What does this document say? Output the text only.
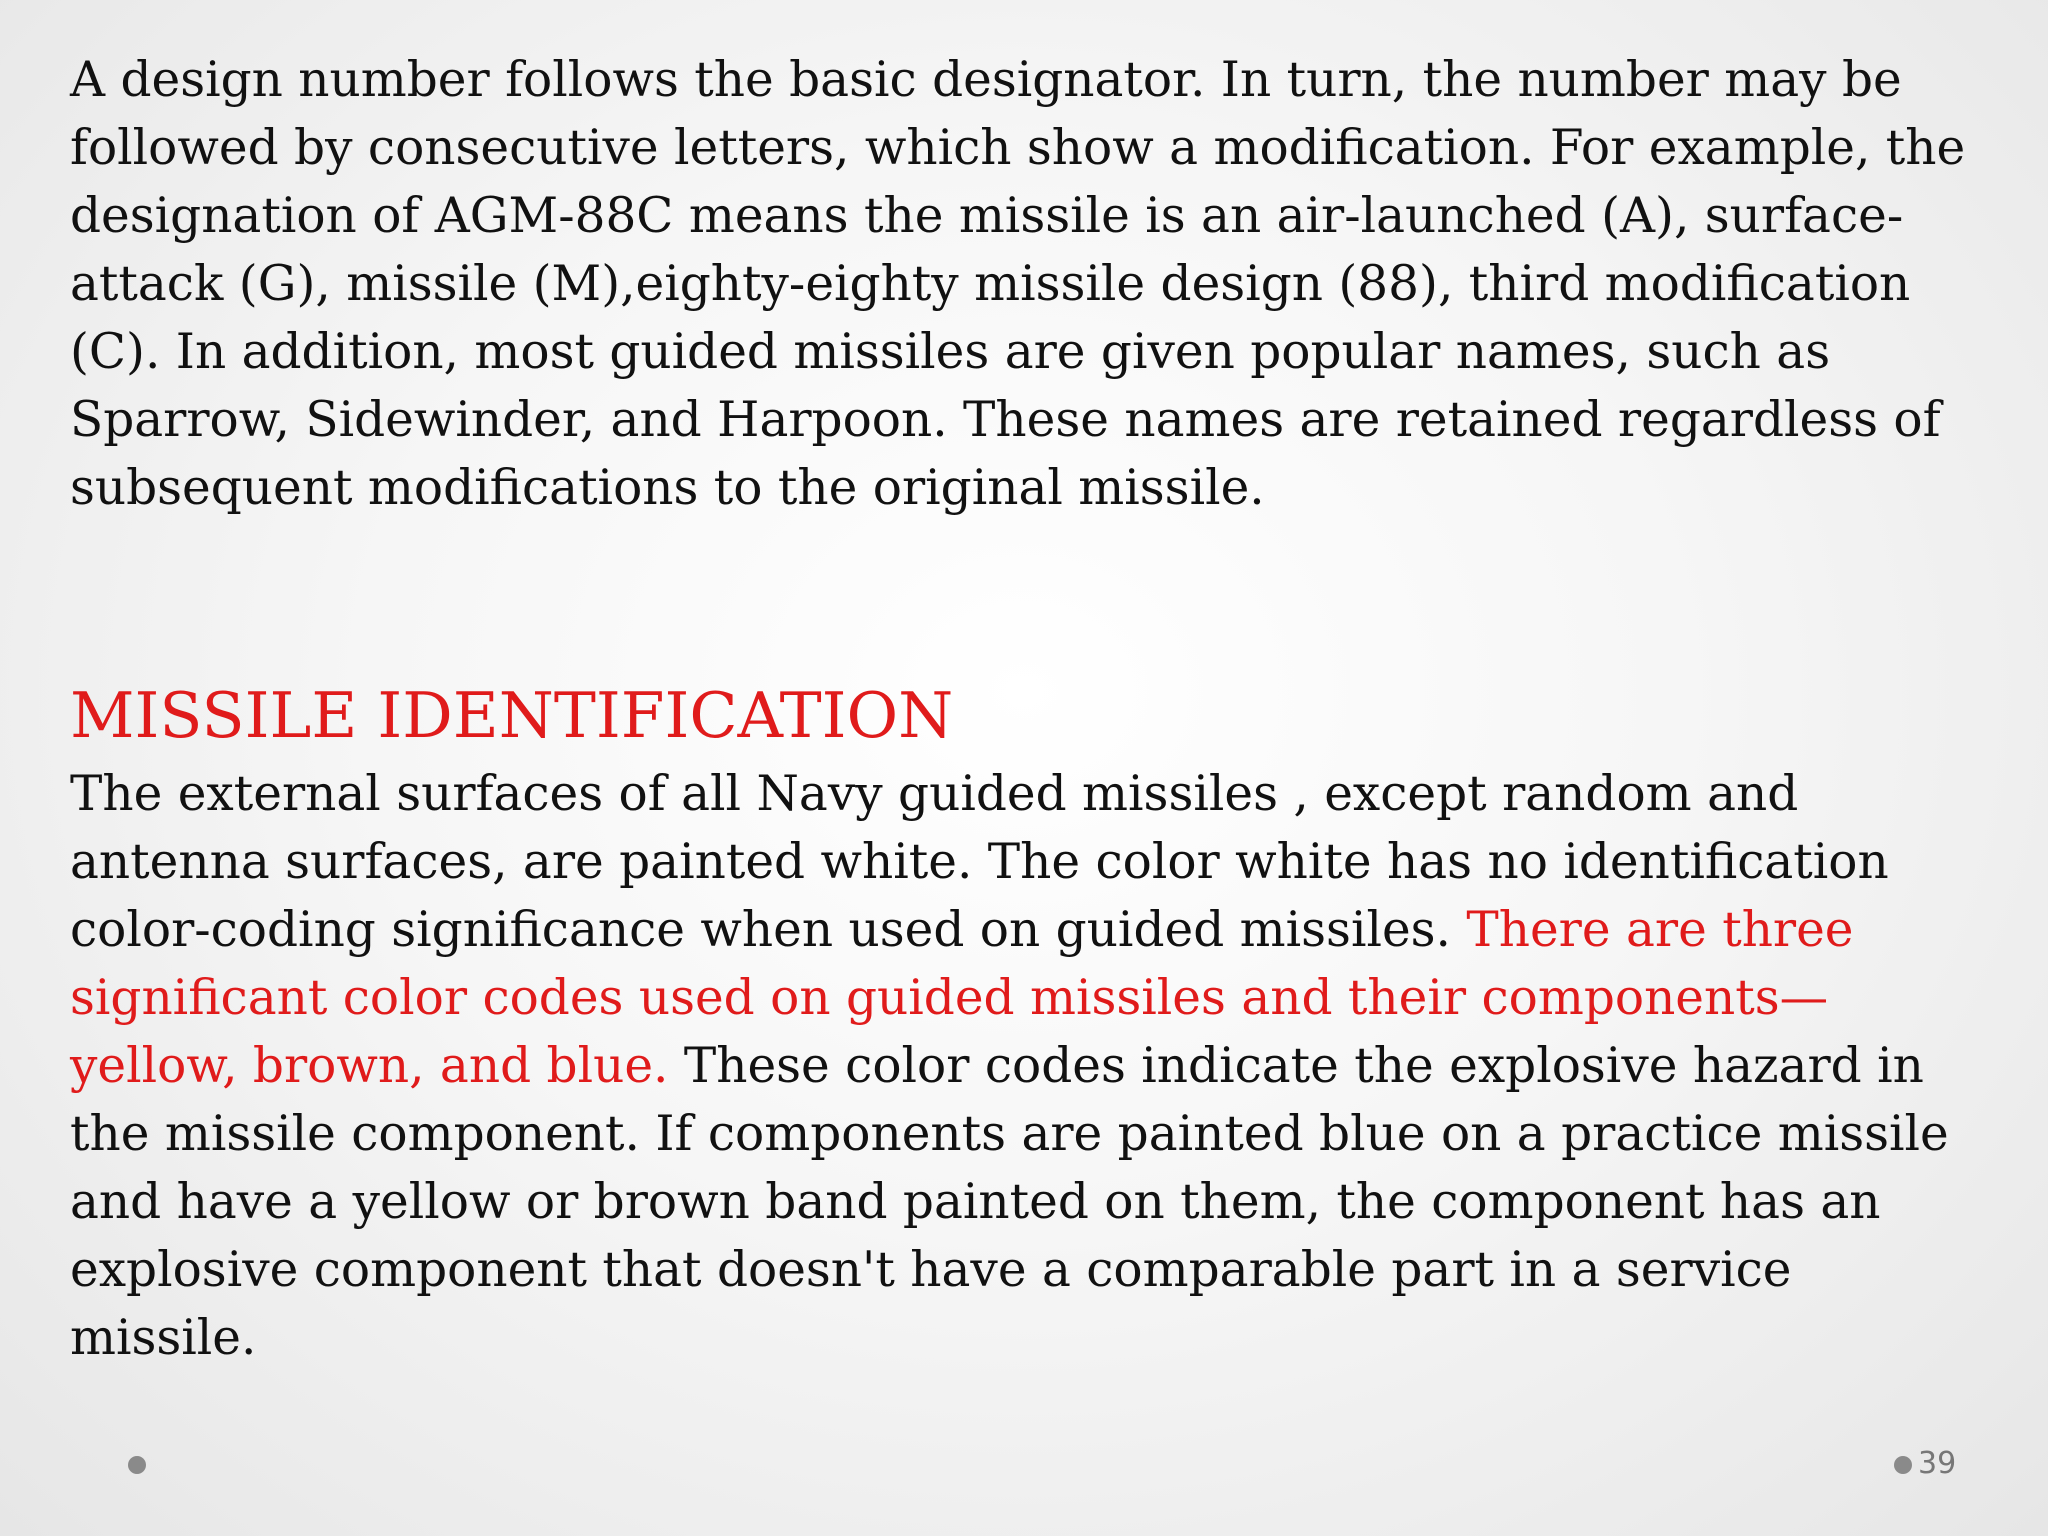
A design number follows the basic designator. In turn, the number may be followed by consecutive letters, which show a modification. For example, the designation of AGM-88C means the missile is an air-launched (A), surface-attack (G), missile (M),eighty-eighty missile design (88), third modification (C). In addition, most guided missiles are given popular names, such as Sparrow, Sidewinder, and Harpoon. These names are retained regardless of subsequent modifications to the original missile.

MISSILE IDENTIFICATION

The external surfaces of all Navy guided missiles , except random and antenna surfaces, are painted white. The color white has no identification color-coding significance when used on guided missiles. There are three significant color codes used on guided missiles and their components—yellow, brown, and blue. These color codes indicate the explosive hazard in the missile component. If components are painted blue on a practice missile and have a yellow or brown band painted on them, the component has an explosive component that doesn't have a comparable part in a service missile.

39
